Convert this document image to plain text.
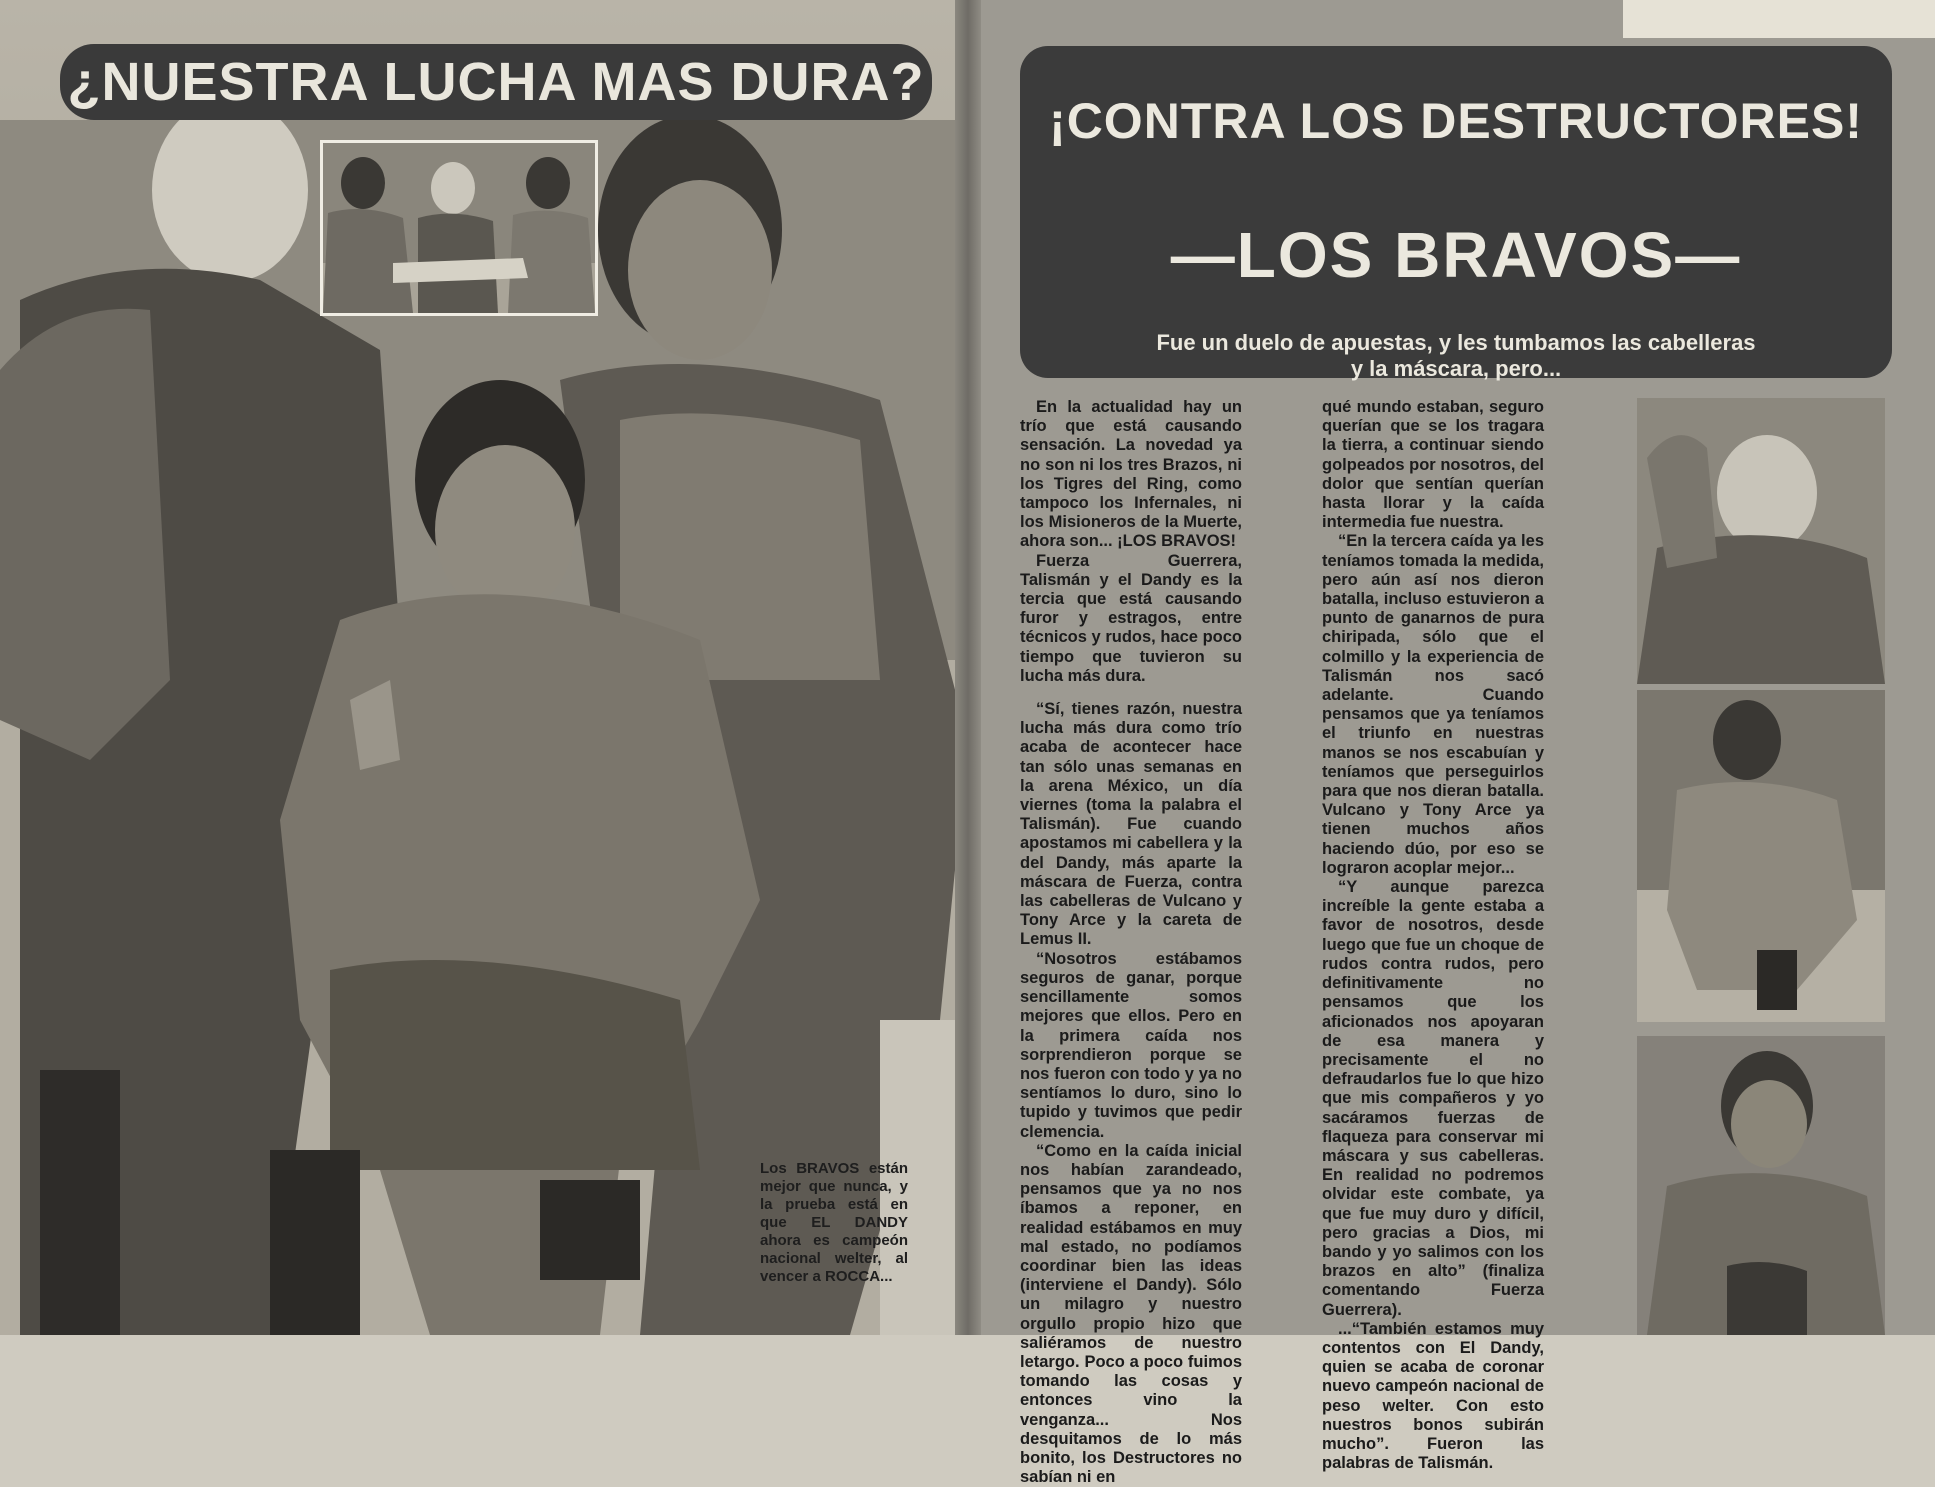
¿NUESTRA LUCHA MAS DURA?
Los BRAVOS están mejor que nunca, y la prueba está en que EL DANDY ahora es campeón nacional welter, al vencer a ROCCA...
¡CONTRA LOS DESTRUCTORES!
—LOS BRAVOS—
Fue un duelo de apuestas, y les tumbamos las cabelleras y la máscara, pero...

En la actualidad hay un trío que está causando sensación. La novedad ya no son ni los tres Brazos, ni los Tigres del Ring, como tampoco los Infernales, ni los Misioneros de la Muerte, ahora son... ¡LOS BRAVOS!

Fuerza Guerrera, Talismán y el Dandy es la tercia que está causando furor y estragos, entre técnicos y rudos, hace poco tiempo que tuvieron su lucha más dura.

“Sí, tienes razón, nuestra lucha más dura como trío acaba de acontecer hace tan sólo unas semanas en la arena México, un día viernes (toma la palabra el Talismán). Fue cuando apostamos mi cabellera y la del Dandy, más aparte la máscara de Fuerza, contra las cabelleras de Vulcano y Tony Arce y la careta de Lemus II.

“Nosotros estábamos seguros de ganar, porque sencillamente somos mejores que ellos. Pero en la primera caída nos sorprendieron porque se nos fueron con todo y ya no sentíamos lo duro, sino lo tupido y tuvimos que pedir clemencia.

“Como en la caída inicial nos habían zarandeado, pensamos que ya no nos íbamos a reponer, en realidad estábamos en muy mal estado, no podíamos coordinar bien las ideas (interviene el Dandy). Sólo un milagro y nuestro orgullo propio hizo que saliéramos de nuestro letargo. Poco a poco fuimos tomando las cosas y entonces vino la venganza... Nos desquitamos de lo más bonito, los Destructores no sabían ni en

qué mundo estaban, seguro querían que se los tragara la tierra, a continuar siendo golpeados por nosotros, del dolor que sentían querían hasta llorar y la caída intermedia fue nuestra.

“En la tercera caída ya les teníamos tomada la medida, pero aún así nos dieron batalla, incluso estuvieron a punto de ganarnos de pura chiripada, sólo que el colmillo y la experiencia de Talismán nos sacó adelante. Cuando pensamos que ya teníamos el triunfo en nuestras manos se nos escabuían y teníamos que perseguirlos para que nos dieran batalla. Vulcano y Tony Arce ya tienen muchos años haciendo dúo, por eso se lograron acoplar mejor...

“Y aunque parezca increíble la gente estaba a favor de nosotros, desde luego que fue un choque de rudos contra rudos, pero definitivamente no pensamos que los aficionados nos apoyaran de esa manera y precisamente el no defraudarlos fue lo que hizo que mis compañeros y yo sacáramos fuerzas de flaqueza para conservar mi máscara y sus cabelleras. En realidad no podremos olvidar este combate, ya que fue muy duro y difícil, pero gracias a Dios, mi bando y yo salimos con los brazos en alto” (finaliza comentando Fuerza Guerrera).

...“También estamos muy contentos con El Dandy, quien se acaba de coronar nuevo campeón nacional de peso welter. Con esto nuestros bonos subirán mucho”. Fueron las palabras de Talismán.
